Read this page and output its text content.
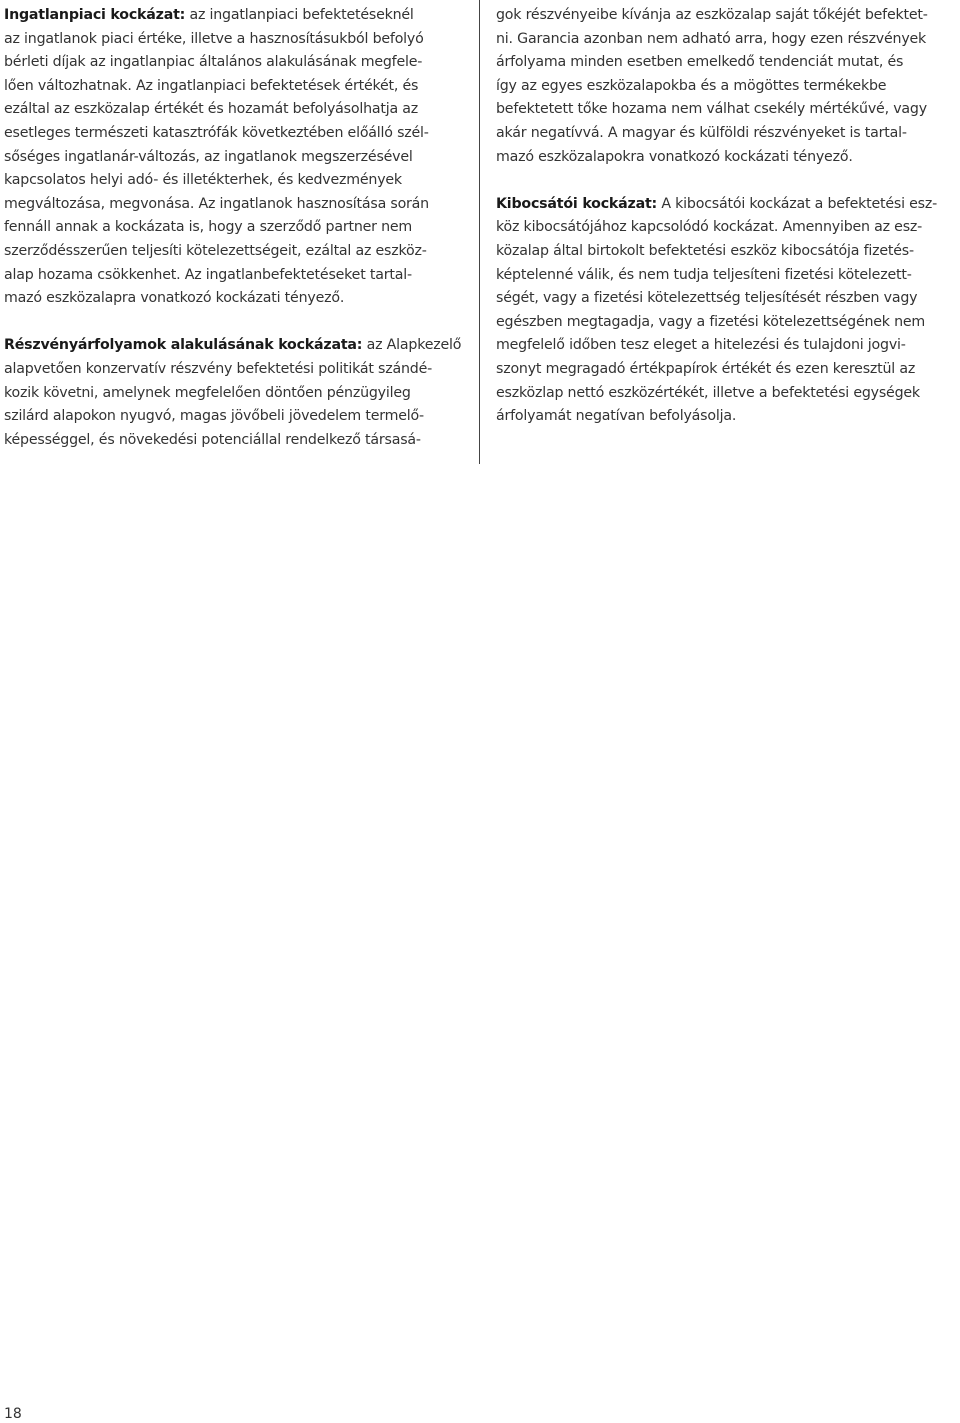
Ingatlanpiaci kockázat: az ingatlanpiaci befektetéseknél
az ingatlanok piaci értéke, illetve a hasznosításukból befolyó
bérleti díjak az ingatlanpiac általános alakulásának megfele-
lően változhatnak. Az ingatlanpiaci befektetések értékét, és
ezáltal az eszközalap értékét és hozamát befolyásolhatja az
esetleges természeti katasztrófák következtében előálló szél-
sőséges ingatlanár-változás, az ingatlanok megszerzésével
kapcsolatos helyi adó- és illetékterhek, és kedvezmények
megváltozása, megvonása. Az ingatlanok hasznosítása során
fennáll annak a kockázata is, hogy a szerződő partner nem
szerződésszerűen teljesíti kötelezettségeit, ezáltal az eszköz-
alap hozama csökkenhet. Az ingatlanbefektetéseket tartal-
mazó eszközalapra vonatkozó kockázati tényező.

Részvényárfolyamok alakulásának kockázata: az Alapkezelő
alapvetően konzervatív részvény befektetési politikát szándé-
kozik követni, amelynek megfelelően döntően pénzügyileg
szilárd alapokon nyugvó, magas jövőbeli jövedelem termelő-
képességgel, és növekedési potenciállal rendelkező társasá-

gok részvényeibe kívánja az eszközalap saját tőkéjét befektet-
ni. Garancia azonban nem adható arra, hogy ezen részvények
árfolyama minden esetben emelkedő tendenciát mutat, és
így az egyes eszközalapokba és a mögöttes termékekbe
befektetett tőke hozama nem válhat csekély mértékűvé, vagy
akár negatívvá. A magyar és külföldi részvényeket is tartal-
mazó eszközalapokra vonatkozó kockázati tényező.

Kibocsátói kockázat: A kibocsátói kockázat a befektetési esz-
köz kibocsátójához kapcsolódó kockázat. Amennyiben az esz-
közalap által birtokolt befektetési eszköz kibocsátója fizetés-
képtelenné válik, és nem tudja teljesíteni fizetési kötelezett-
ségét, vagy a fizetési kötelezettség teljesítését részben vagy
egészben megtagadja, vagy a fizetési kötelezettségének nem
megfelelő időben tesz eleget a hitelezési és tulajdoni jogvi-
szonyt megragadó értékpapírok értékét és ezen keresztül az
eszközlap nettó eszközértékét, illetve a befektetési egységek
árfolyamát negatívan befolyásolja.

18
